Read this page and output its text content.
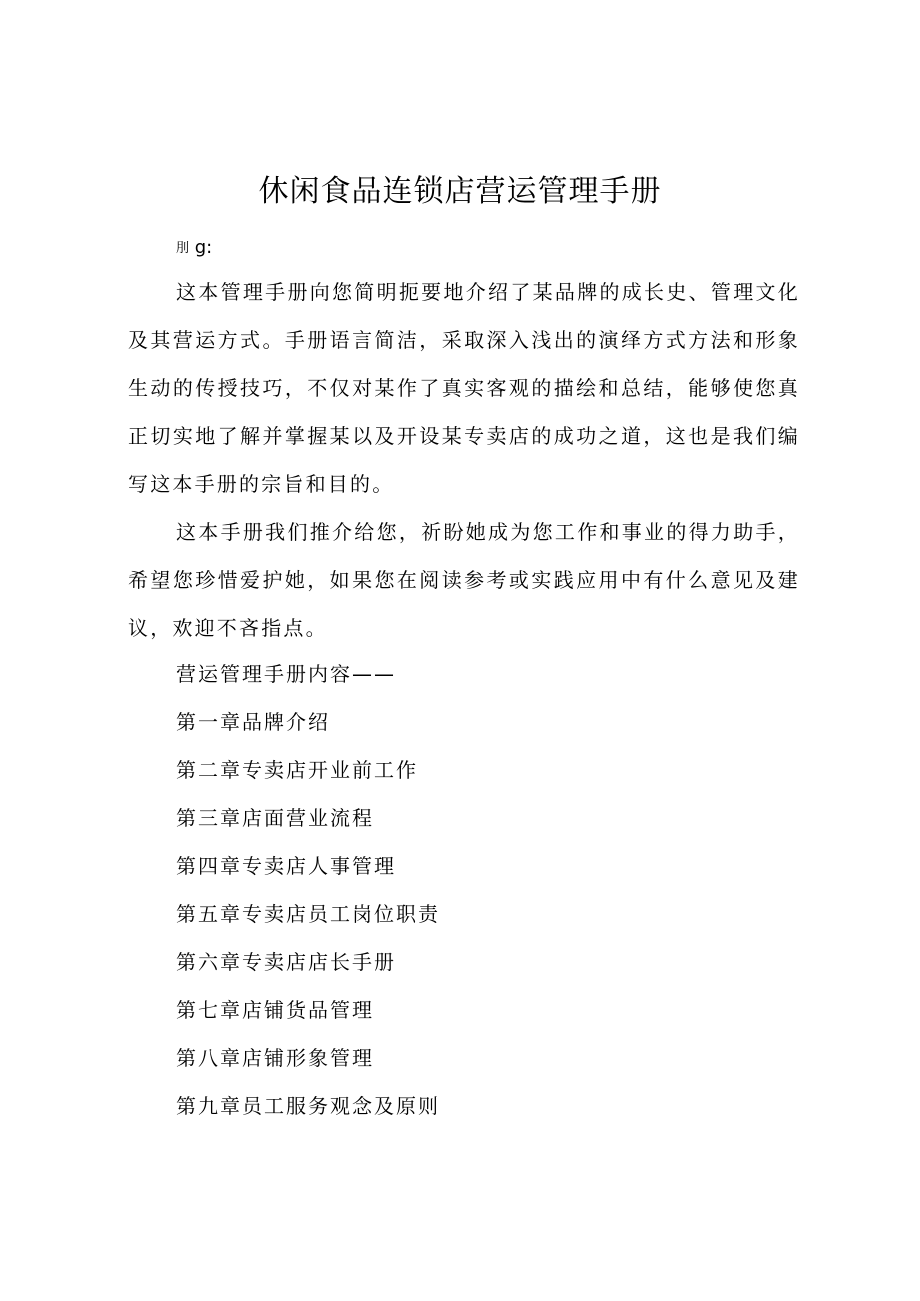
休闲食品连锁店营运管理手册
刖 g:

这本管理手册向您简明扼要地介绍了某品牌的成长史、管理文化及其营运方式。手册语言简洁，采取深入浅出的演绎方式方法和形象生动的传授技巧，不仅对某作了真实客观的描绘和总结，能够使您真正切实地了解并掌握某以及开设某专卖店的成功之道，这也是我们编写这本手册的宗旨和目的。

这本手册我们推介给您，祈盼她成为您工作和事业的得力助手，希望您珍惜爱护她，如果您在阅读参考或实践应用中有什么意见及建议，欢迎不吝指点。

营运管理手册内容——
第一章品牌介绍
第二章专卖店开业前工作
第三章店面营业流程
第四章专卖店人事管理
第五章专卖店员工岗位职责
第六章专卖店店长手册
第七章店铺货品管理
第八章店铺形象管理
第九章员工服务观念及原则
